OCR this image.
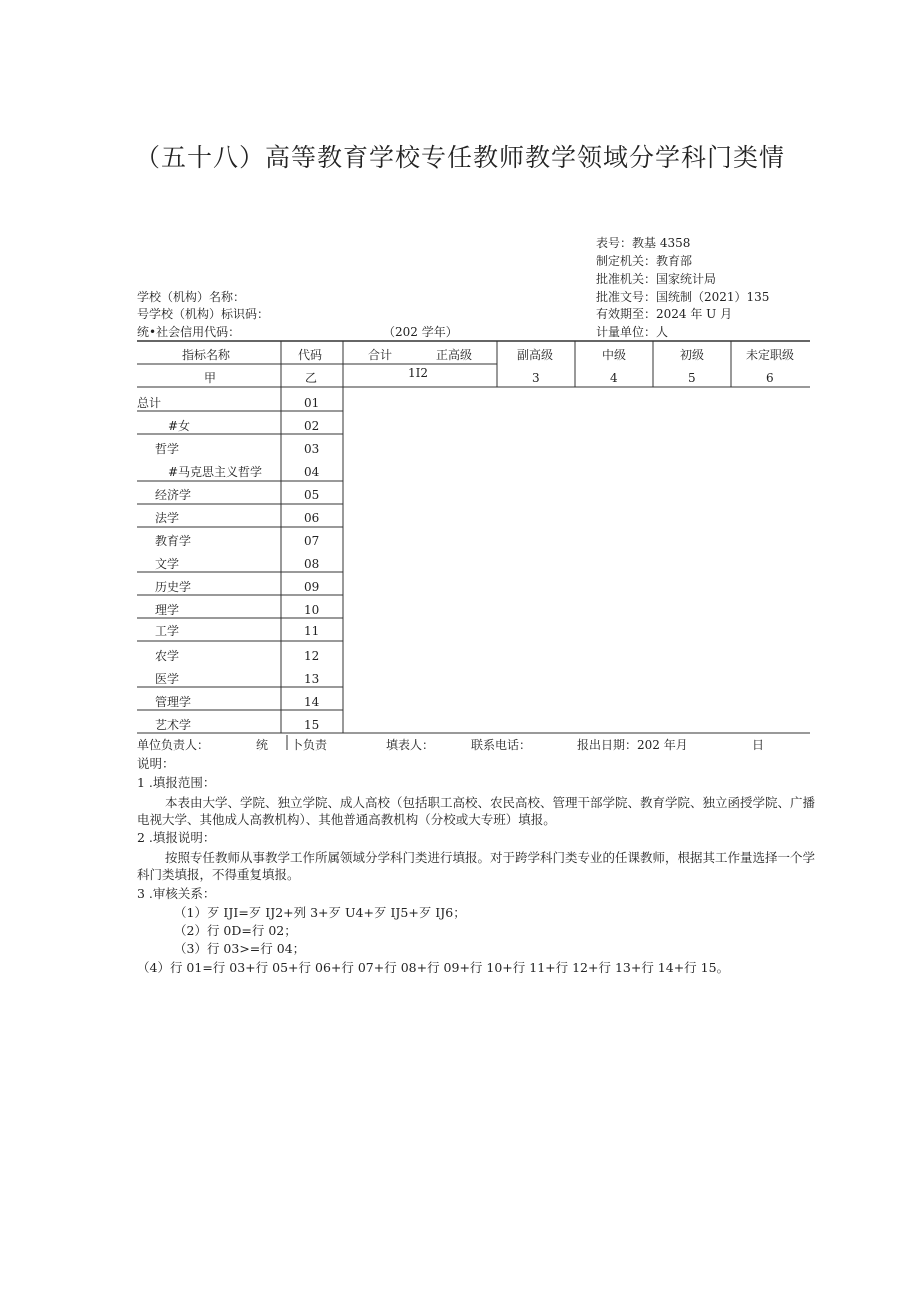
（五十八）高等教育学校专任教师教学领域分学科门类情
表号：教基 4358
制定机关：教育部
批准机关：国家统计局
批准文号：国统制（2021）135
有效期至：2024 年 U 月
计量单位：人
学校（机构）名称：
号学校（机构）标识码：
统•社会信用代码：	（202 学年）
指标名称	代码	合计	正高级	副高级	中级	初级	未定职级
甲	乙	1I2	3	4	5	6
总计	01
#女	02
哲学	03
#马克思主义哲学	04
经济学	05
法学	06
教育学	07
文学	08
历史学	09
理学	10
工学	11
农学	12
医学	13
管理学	14
艺术学	15
单位负责人：	统 卜负责	填表人：	联系电话：	报出日期：202 年月	日
说明：
1 .填报范围：
本表由大学、学院、独立学院、成人高校（包括职工高校、农民高校、管理干部学院、教育学院、独立函授学院、广播
电视大学、其他成人高教机构）、其他普通高教机构（分校或大专班）填报。
2 .填报说明：
按照专任教师从事教学工作所属领域分学科门类进行填报。对于跨学科门类专业的任课教师，根据其工作量选择一个学
科门类填报，不得重复填报。
3 .审核关系：
（1）歹 IJI=歹 IJ2+列 3+歹 U4+歹 IJ5+歹 IJ6；
（2）行 0D=行 02；
（3）行 03>=行 04；
（4）行 01=行 03+行 05+行 06+行 07+行 08+行 09+行 10+行 11+行 12+行 13+行 14+行 15。
